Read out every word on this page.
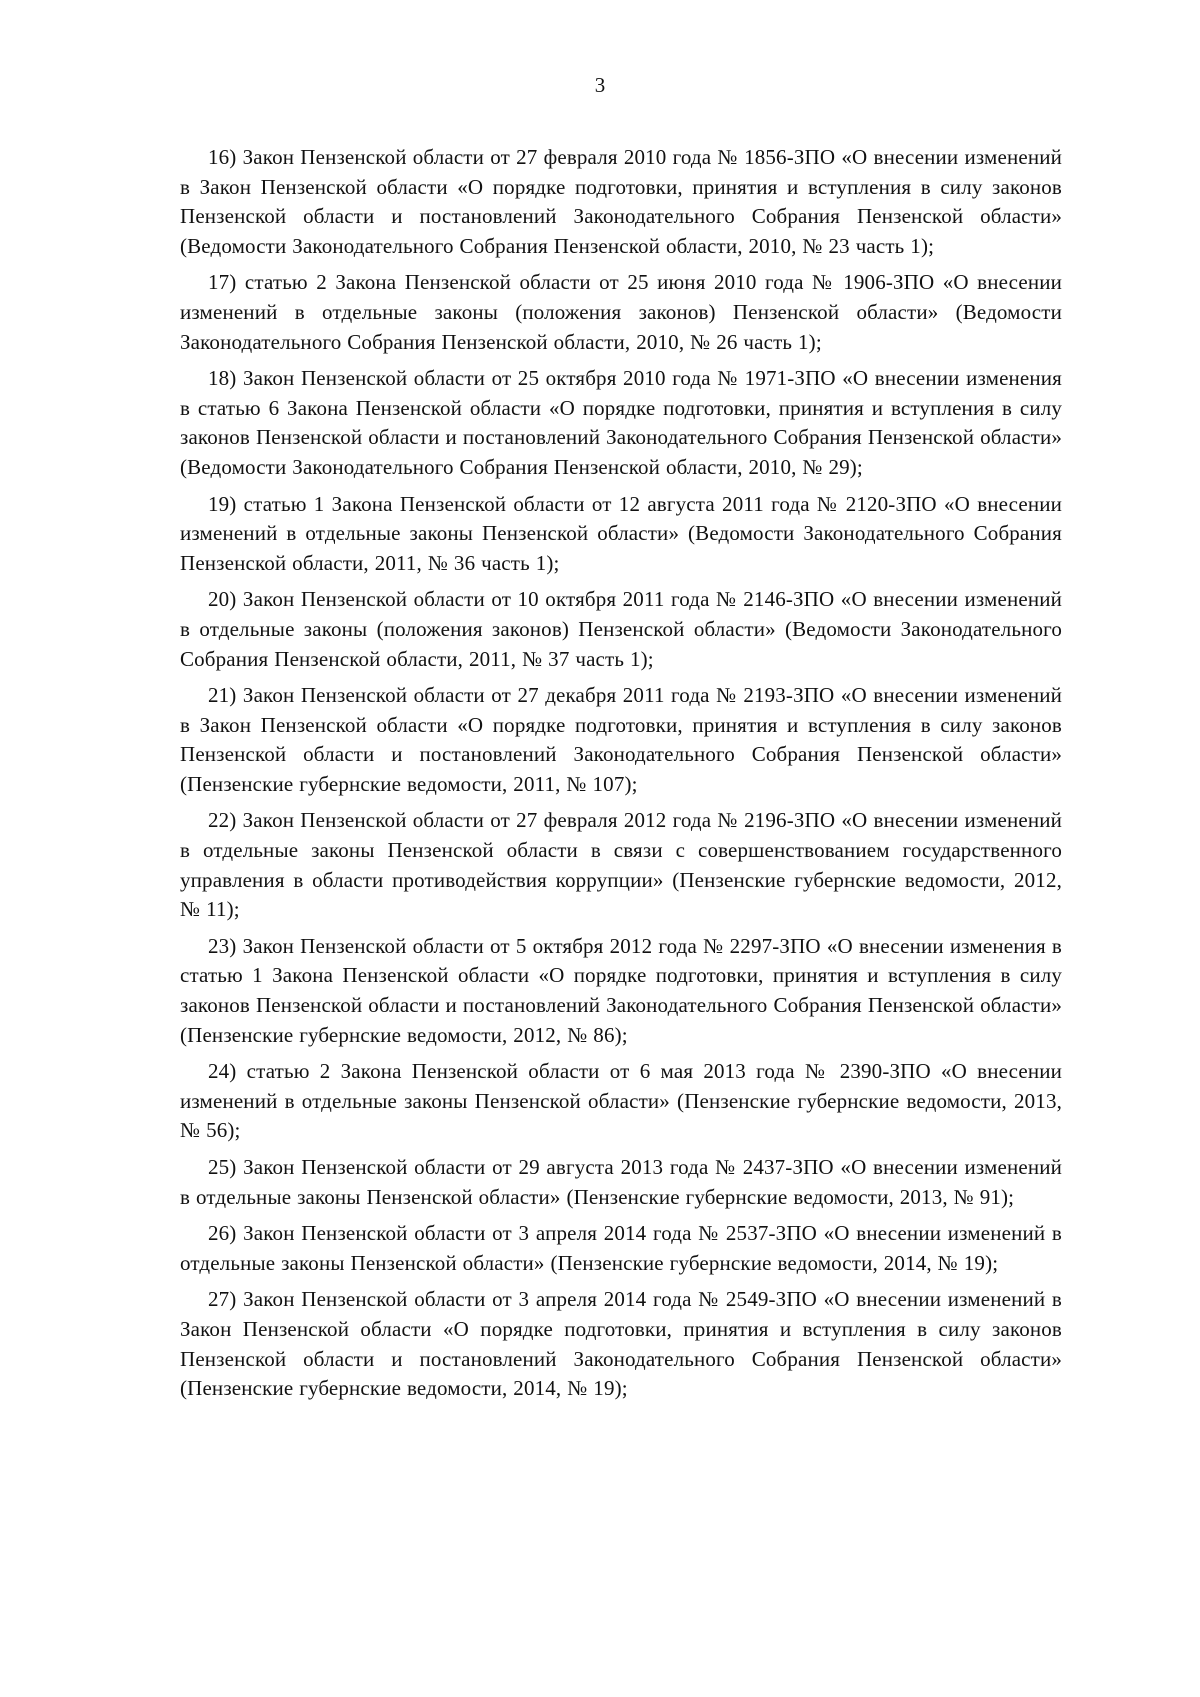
3

16) Закон Пензенской области от 27 февраля 2010 года № 1856-ЗПО «О внесении изменений в Закон Пензенской области «О порядке подготовки, принятия и вступления в силу законов Пензенской области и постановлений Законодательного Собрания Пензенской области» (Ведомости Законодательного Собрания Пензенской области, 2010, № 23 часть 1);

17) статью 2 Закона Пензенской области от 25 июня 2010 года № 1906-ЗПО «О внесении изменений в отдельные законы (положения законов) Пензенской области» (Ведомости Законодательного Собрания Пензенской области, 2010, № 26 часть 1);

18) Закон Пензенской области от 25 октября 2010 года № 1971-ЗПО «О внесении изменения в статью 6 Закона Пензенской области «О порядке подготовки, принятия и вступления в силу законов Пензенской области и постановлений Законодательного Собрания Пензенской области» (Ведомости Законодательного Собрания Пензенской области, 2010, № 29);

19) статью 1 Закона Пензенской области от 12 августа 2011 года № 2120-ЗПО «О внесении изменений в отдельные законы Пензенской области» (Ведомости Законодательного Собрания Пензенской области, 2011, № 36 часть 1);

20) Закон Пензенской области от 10 октября 2011 года № 2146-ЗПО «О внесении изменений в отдельные законы (положения законов) Пензенской области» (Ведомости Законодательного Собрания Пензенской области, 2011, № 37 часть 1);

21) Закон Пензенской области от 27 декабря 2011 года № 2193-ЗПО «О внесении изменений в Закон Пензенской области «О порядке подготовки, принятия и вступления в силу законов Пензенской области и постановлений Законодательного Собрания Пензенской области» (Пензенские губернские ведомости, 2011, № 107);

22) Закон Пензенской области от 27 февраля 2012 года № 2196-ЗПО «О внесении изменений в отдельные законы Пензенской области в связи с совершенствованием государственного управления в области противодействия коррупции» (Пензенские губернские ведомости, 2012, № 11);

23) Закон Пензенской области от 5 октября 2012 года № 2297-ЗПО «О внесении изменения в статью 1 Закона Пензенской области «О порядке подготовки, принятия и вступления в силу законов Пензенской области и постановлений Законодательного Собрания Пензенской области» (Пензенские губернские ведомости, 2012, № 86);

24) статью 2 Закона Пензенской области от 6 мая 2013 года № 2390-ЗПО «О внесении изменений в отдельные законы Пензенской области» (Пензенские губернские ведомости, 2013, № 56);

25) Закон Пензенской области от 29 августа 2013 года № 2437-ЗПО «О внесении изменений в отдельные законы Пензенской области» (Пензенские губернские ведомости, 2013, № 91);

26) Закон Пензенской области от 3 апреля 2014 года № 2537-ЗПО «О внесении изменений в отдельные законы Пензенской области» (Пензенские губернские ведомости, 2014, № 19);

27) Закон Пензенской области от 3 апреля 2014 года № 2549-ЗПО «О внесении изменений в Закон Пензенской области «О порядке подготовки, принятия и вступления в силу законов Пензенской области и постановлений Законодательного Собрания Пензенской области» (Пензенские губернские ведомости, 2014, № 19);
